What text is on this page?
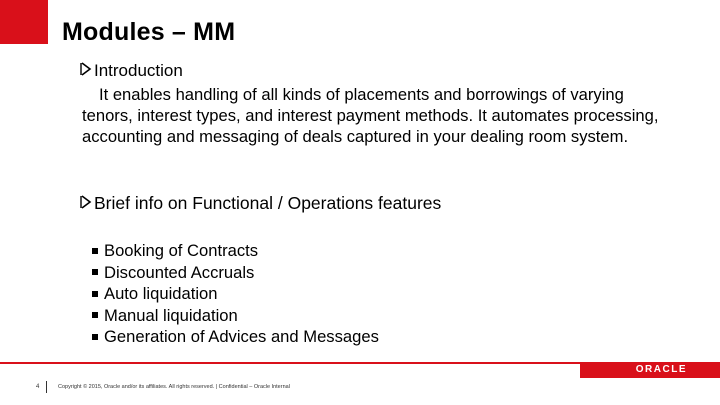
Modules – MM
Introduction
It enables handling of all kinds of placements and borrowings of varying tenors, interest types, and interest payment methods. It automates processing, accounting and messaging of deals captured in your dealing room system.
Brief info on Functional / Operations features
Booking of Contracts
Discounted Accruals
Auto liquidation
Manual liquidation
Generation of Advices and Messages
ORACLE
4	Copyright © 2015, Oracle and/or its affiliates. All rights reserved. | Confidential – Oracle Internal
